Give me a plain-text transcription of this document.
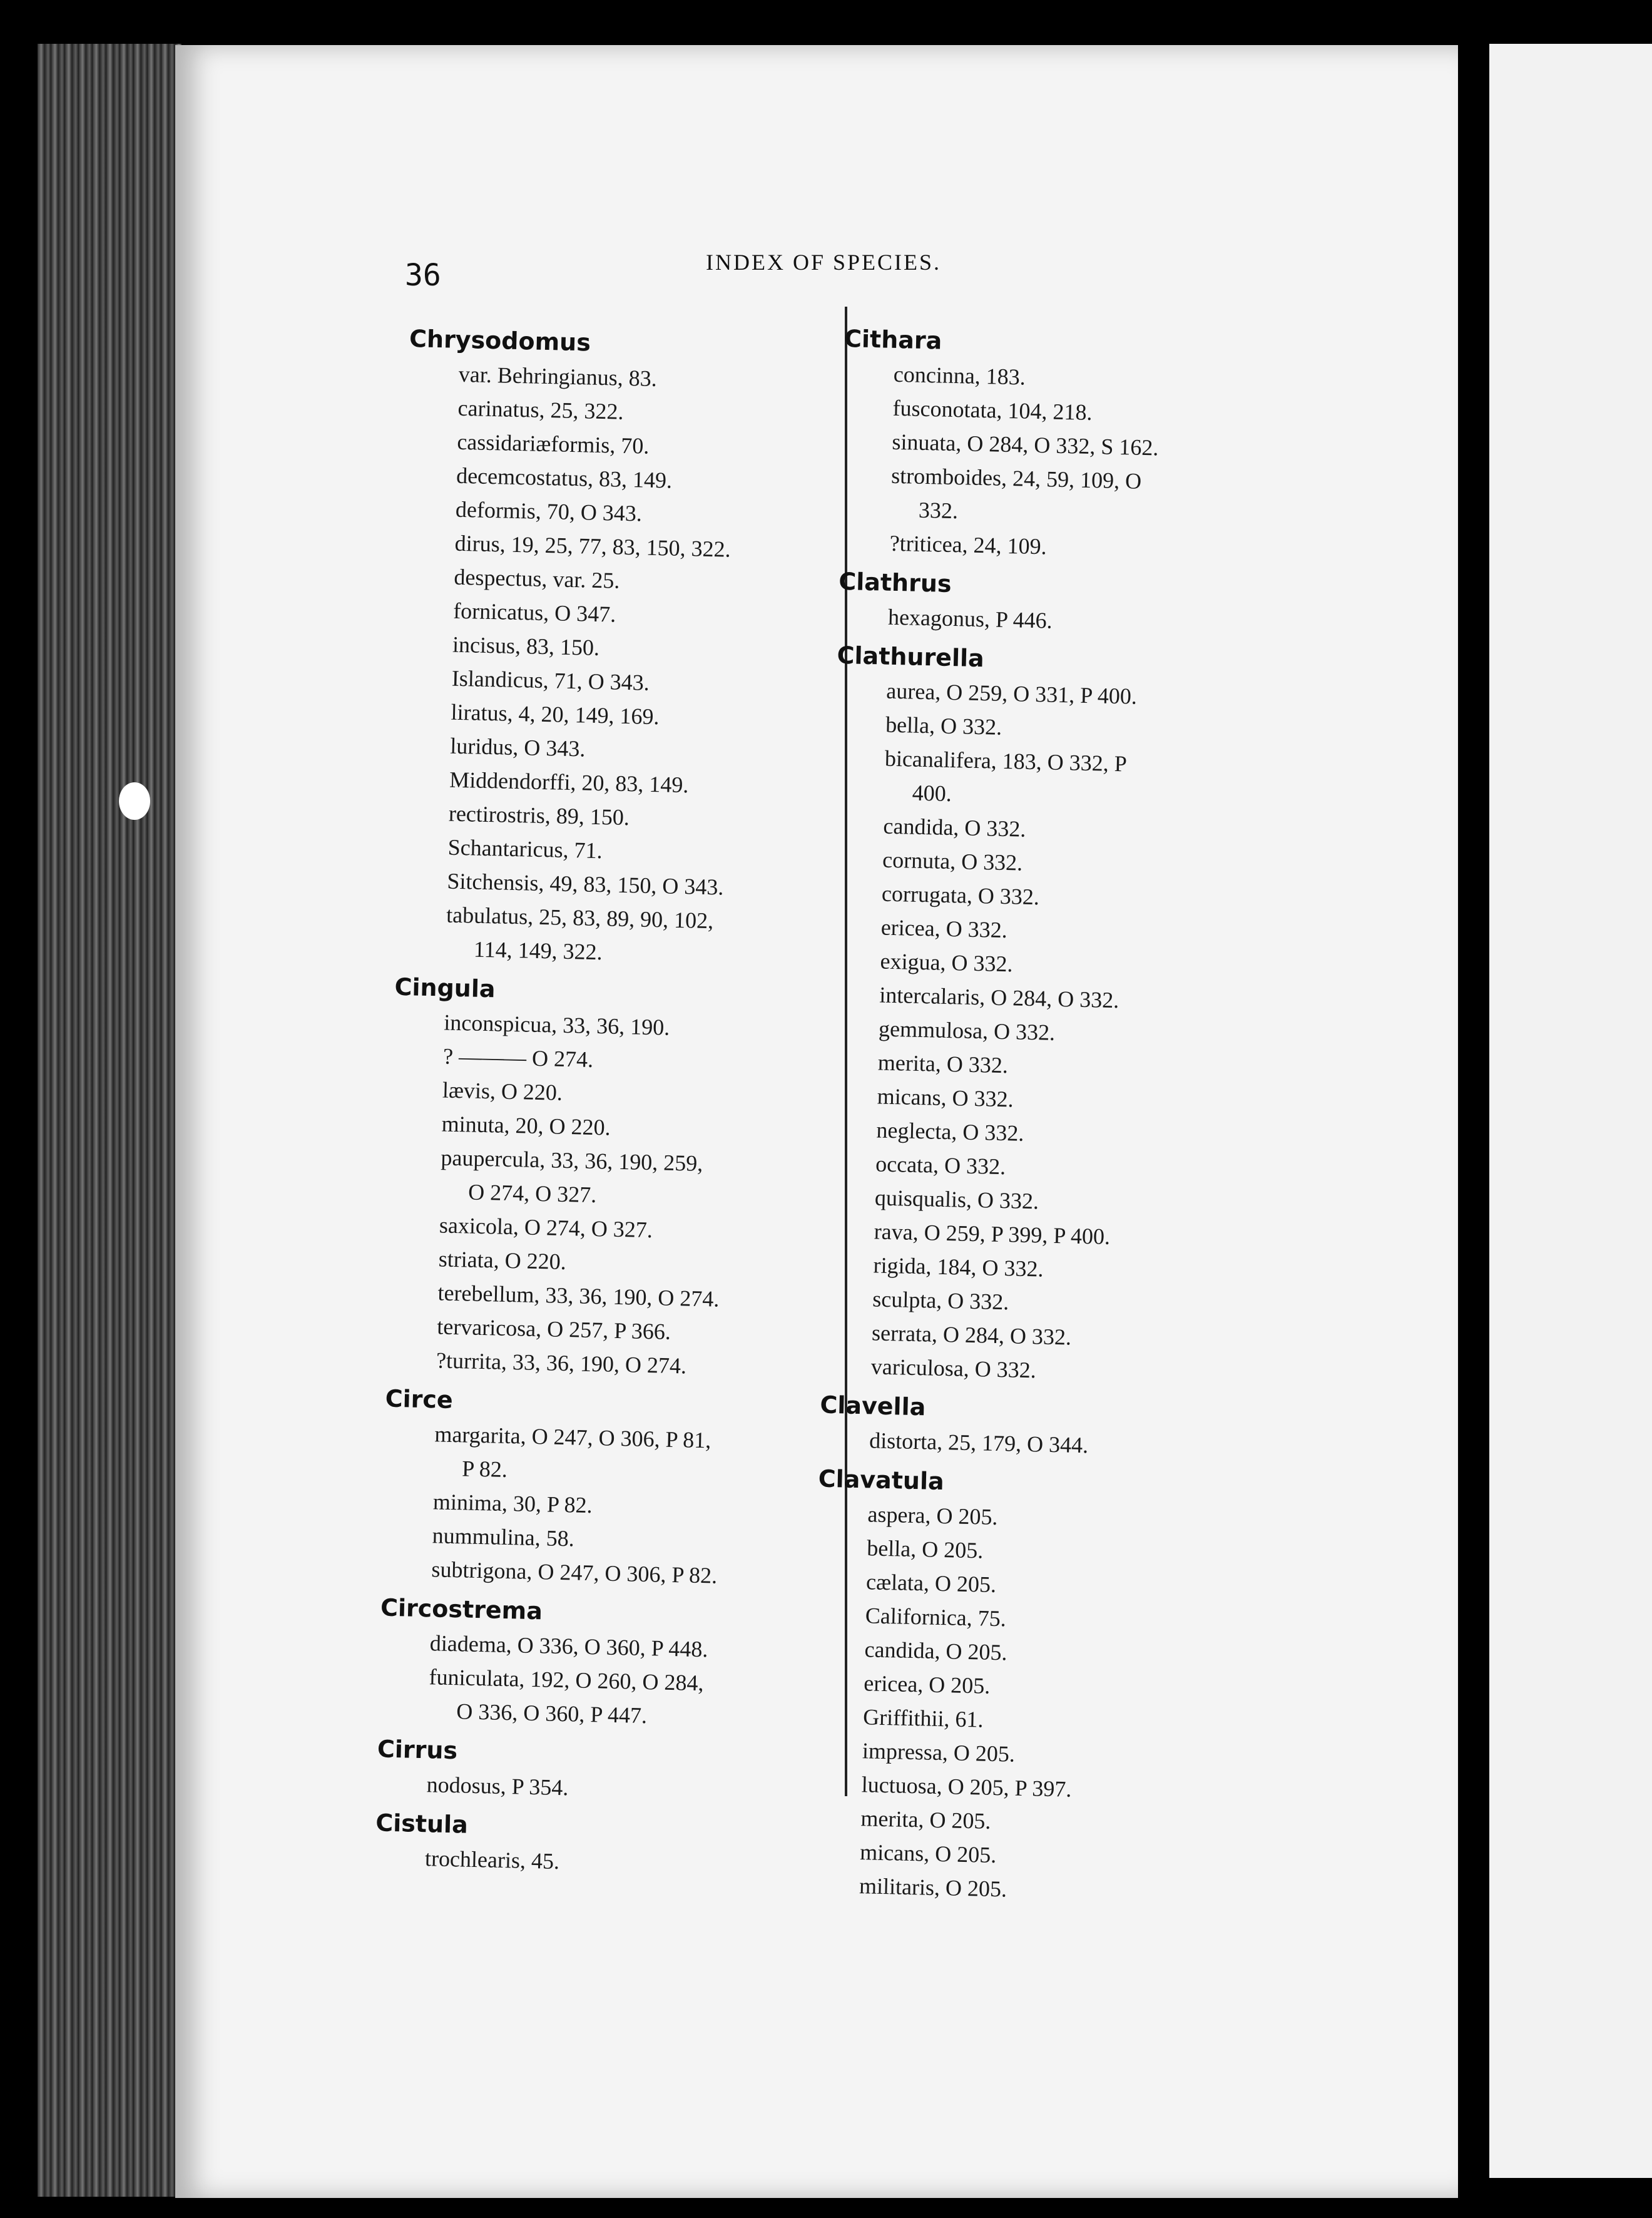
36	INDEX OF SPECIES.
Chrysodomus
var. Behringianus, 83.
carinatus, 25, 322.
cassidariæformis, 70.
decemcostatus, 83, 149.
deformis, 70, O 343.
dirus, 19, 25, 77, 83, 150, 322.
despectus, var. 25.
fornicatus, O 347.
incisus, 83, 150.
Islandicus, 71, O 343.
liratus, 4, 20, 149, 169.
luridus, O 343.
Middendorffi, 20, 83, 149.
rectirostris, 89, 150.
Schantaricus, 71.
Sitchensis, 49, 83, 150, O 343.
tabulatus, 25, 83, 89, 90, 102,
114, 149, 322.
Cingula
inconspicua, 33, 36, 190.
? ——— O 274.
lævis, O 220.
minuta, 20, O 220.
paupercula, 33, 36, 190, 259,
O 274, O 327.
saxicola, O 274, O 327.
striata, O 220.
terebellum, 33, 36, 190, O 274.
tervaricosa, O 257, P 366.
?turrita, 33, 36, 190, O 274.
Circe
margarita, O 247, O 306, P 81,
P 82.
minima, 30, P 82.
nummulina, 58.
subtrigona, O 247, O 306, P 82.
Circostrema
diadema, O 336, O 360, P 448.
funiculata, 192, O 260, O 284,
O 336, O 360, P 447.
Cirrus
nodosus, P 354.
Cistula
trochlearis, 45.
Cithara
concinna, 183.
fusconotata, 104, 218.
sinuata, O 284, O 332, S 162.
stromboides, 24, 59, 109, O
332.
?triticea, 24, 109.
Clathrus
hexagonus, P 446.
Clathurella
aurea, O 259, O 331, P 400.
bella, O 332.
bicanalifera, 183, O 332, P
400.
candida, O 332.
cornuta, O 332.
corrugata, O 332.
ericea, O 332.
exigua, O 332.
intercalaris, O 284, O 332.
gemmulosa, O 332.
merita, O 332.
micans, O 332.
neglecta, O 332.
occata, O 332.
quisqualis, O 332.
rava, O 259, P 399, P 400.
rigida, 184, O 332.
sculpta, O 332.
serrata, O 284, O 332.
variculosa, O 332.
Clavella
distorta, 25, 179, O 344.
Clavatula
aspera, O 205.
bella, O 205.
cælata, O 205.
Californica, 75.
candida, O 205.
ericea, O 205.
Griffithii, 61.
impressa, O 205.
luctuosa, O 205, P 397.
merita, O 205.
micans, O 205.
militaris, O 205.
